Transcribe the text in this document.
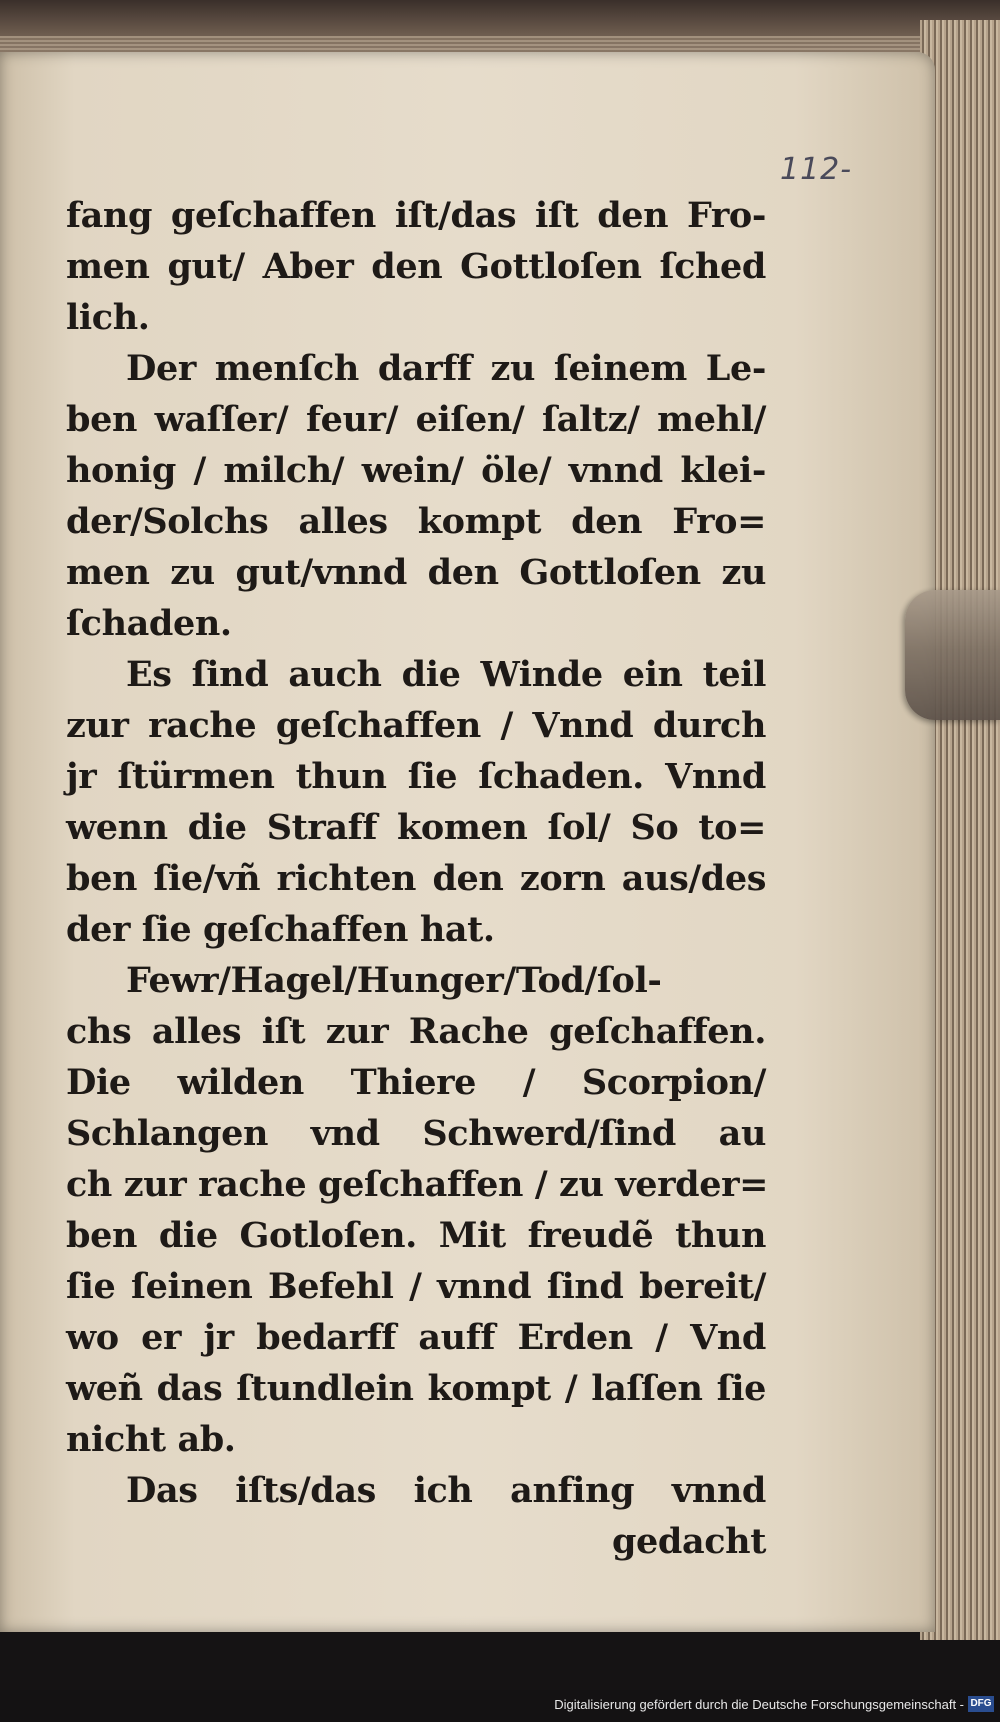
112-
fang geſchaffen iſt/das iſt den Fro-
men gut/ Aber den Gottloſen ſched
lich.
Der menſch darff zu ſeinem Le-
ben waſſer/ feur/ eiſen/ ſaltz/ mehl/
honig / milch/ wein/ öle/ vnnd klei-
der/Solchs alles kompt den Fro=
men zu gut/vnnd den Gottloſen zu
ſchaden.
Es ſind auch die Winde ein teil
zur rache geſchaffen / Vnnd durch
jr ſtürmen thun ſie ſchaden. Vnnd
wenn die Straff komen ſol/ So to=
ben ſie/vñ richten den zorn aus/des
der ſie geſchaffen hat.
Fewr/Hagel/Hunger/Tod/ſol-
chs alles iſt zur Rache geſchaffen.
Die wilden Thiere / Scorpion/
Schlangen vnd Schwerd/ſind au
ch zur rache geſchaffen / zu verder=
ben die Gotloſen. Mit freudẽ thun
ſie ſeinen Befehl / vnnd ſind bereit/
wo er jr bedarff auff Erden / Vnd
weñ das ſtundlein kompt / laſſen ſie
nicht ab.
Das iſts/das ich anfing vnnd
gedacht
Digitalisierung gefördert durch die Deutsche Forschungsgemeinschaft - DFG
